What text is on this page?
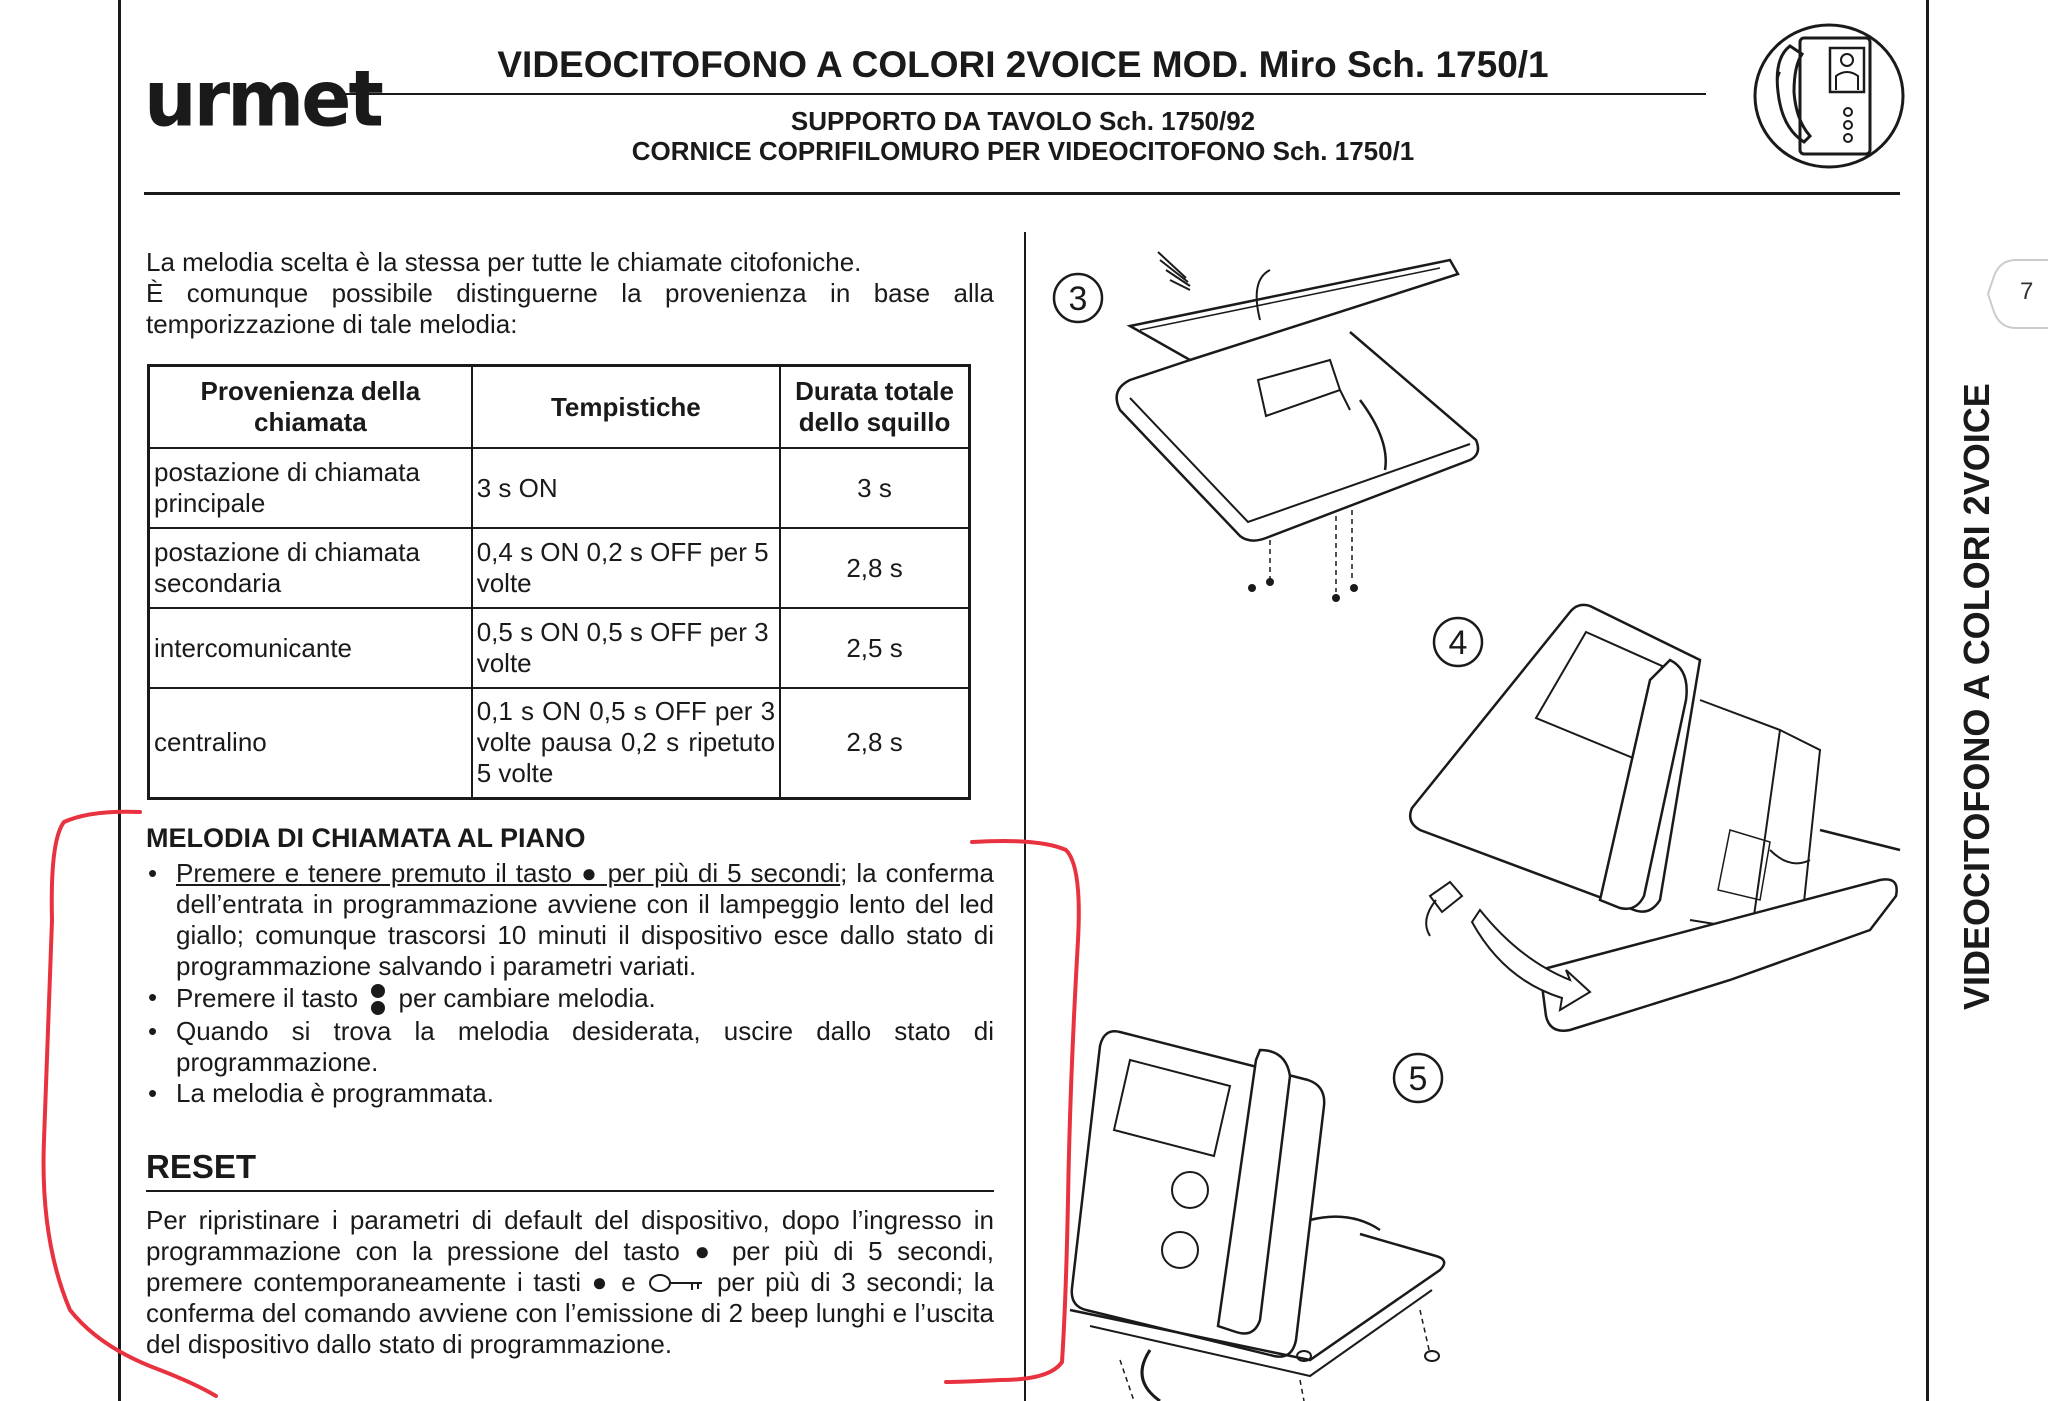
7
VIDEOCITOFONO A COLORI 2VOICE
urmet	VIDEOCITOFONO A COLORI 2VOICE MOD. Miro Sch. 1750/1
SUPPORTO DA TAVOLO Sch. 1750/92
CORNICE COPRIFILOMURO PER VIDEOCITOFONO Sch. 1750/1
La melodia scelta è la stessa per tutte le chiamate citofoniche.
È comunque possibile distinguerne la provenienza in base alla temporizzazione di tale melodia:
Provenienza della chiamata	Tempistiche	Durata totale dello squillo
postazione di chiamata principale	3 s ON	3 s
postazione di chiamata secondaria	0,4 s ON 0,2 s OFF per 5 volte	2,8 s
intercomunicante	0,5 s ON 0,5 s OFF per 3 volte	2,5 s
centralino	0,1 s ON 0,5 s OFF per 3 volte pausa 0,2 s ripetuto 5 volte	2,8 s
MELODIA DI CHIAMATA AL PIANO
• Premere e tenere premuto il tasto ● per più di 5 secondi; la conferma dell’entrata in programmazione avviene con il lampeggio lento del led giallo; comunque trascorsi 10 minuti il dispositivo esce dallo stato di programmazione salvando i parametri variati.
• Premere il tasto per cambiare melodia.
• Quando si trova la melodia desiderata, uscire dallo stato di programmazione.
• La melodia è programmata.
RESET
Per ripristinare i parametri di default del dispositivo, dopo l’ingresso in programmazione con la pressione del tasto ● per più di 5 secondi, premere contemporaneamente i tasti ● e	per più di 3 secondi; la conferma del comando avviene con l’emissione di 2 beep lunghi e l’uscita del dispositivo dallo stato di programmazione.
3
4
5
